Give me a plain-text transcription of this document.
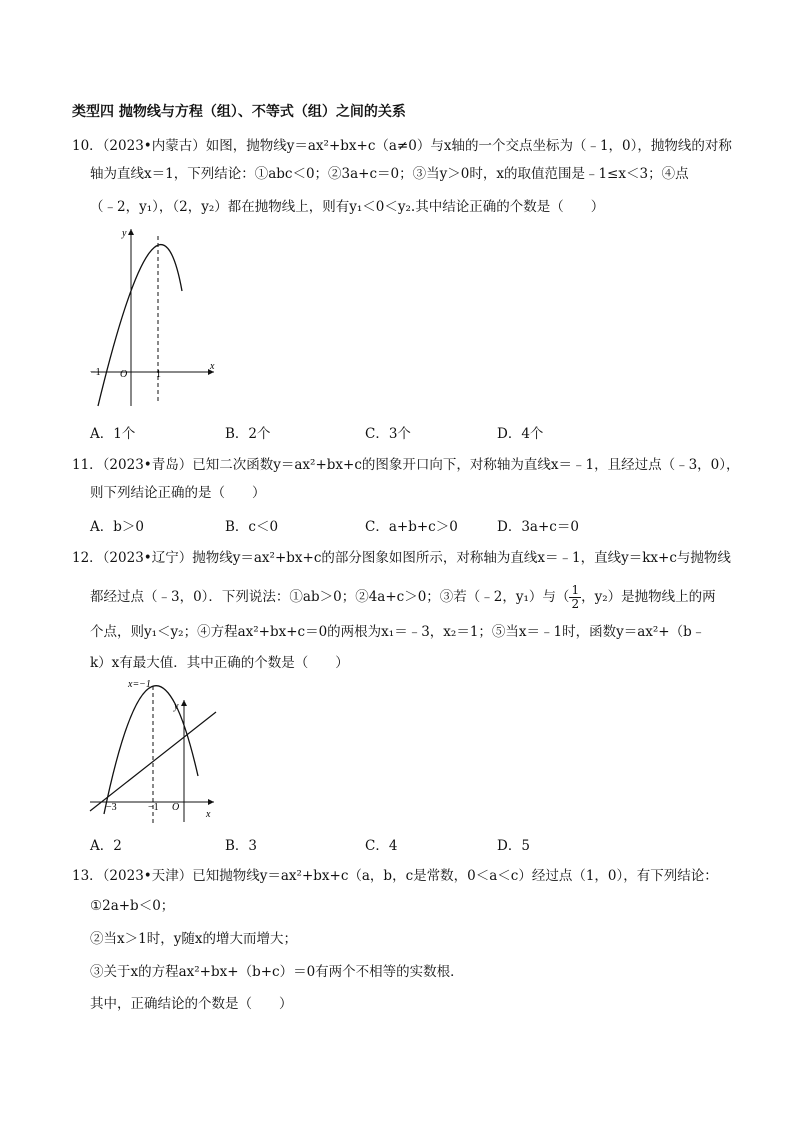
类型四 抛物线与方程（组）、不等式（组）之间的关系
10．（2023•内蒙古）如图，抛物线y＝ax²+bx+c（a≠0）与x轴的一个交点坐标为（﹣1，0），抛物线的对称
轴为直线x＝1，下列结论：①abc＜0；②3a+c＝0；③当y＞0时，x的取值范围是﹣1≤x＜3；④点
（﹣2，y₁），（2，y₂）都在抛物线上，则有y₁＜0＜y₂.其中结论正确的个数是（　　）
y
x
−1 O	1
A．1个	B．2个	C．3个	D．4个
11．（2023•青岛）已知二次函数y＝ax²+bx+c的图象开口向下，对称轴为直线x＝﹣1，且经过点（﹣3，0），
则下列结论正确的是（　　）
A．b＞0	B．c＜0	C．a+b+c＞0	D．3a+c＝0
12．（2023•辽宁）抛物线y＝ax²+bx+c的部分图象如图所示，对称轴为直线x＝﹣1，直线y＝kx+c与抛物线
都经过点（﹣3，0）．下列说法：①ab＞0；②4a+c＞0；③若（﹣2，y₁）与（ $\frac{1}{2}$ ，y₂）是抛物线上的两
个点，则y₁＜y₂；④方程ax²+bx+c＝0的两根为x₁＝﹣3，x₂＝1；⑤当x＝﹣1时，函数y＝ax²+（b﹣
k）x有最大值．其中正确的个数是（　　）
x=−1
y
x
−3	−1 O
A．2	B．3	C．4	D．5
13．（2023•天津）已知抛物线y＝ax²+bx+c（a，b，c是常数，0＜a＜c）经过点（1，0），有下列结论：
①2a+b＜0；
②当x＞1时，y随x的增大而增大；
③关于x的方程ax²+bx+（b+c）＝0有两个不相等的实数根．
其中，正确结论的个数是（　　）
